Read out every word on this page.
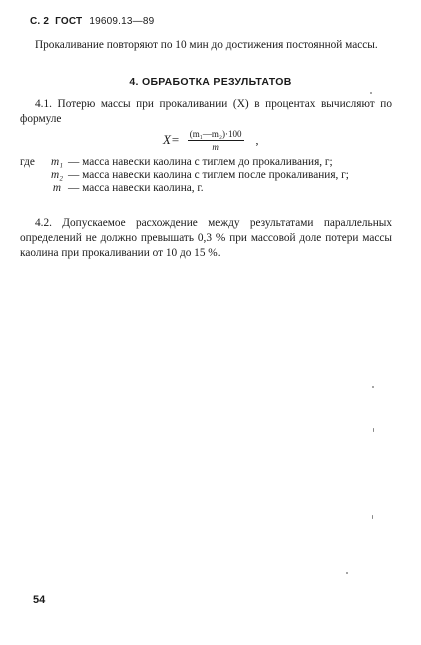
С. 2 ГОСТ 19609.13—89
Прокаливание повторяют по 10 мин до достижения постоянной массы.
4. ОБРАБОТКА РЕЗУЛЬТАТОВ
4.1. Потерю массы при прокаливании (X) в процентах вычисляют по формуле
$X= \frac{\text{(m₁—m₂)·100}}{m}$ ,
где	m₁ — масса навески каолина с тиглем до прокаливания, г;
m₂ — масса навески каолина с тиглем после прокаливания, г;
m — масса навески каолина, г.
4.2. Допускаемое расхождение между результатами параллельных определений не должно превышать 0,3 % при массовой доле потери массы каолина при прокаливании от 10 до 15 %.
54
